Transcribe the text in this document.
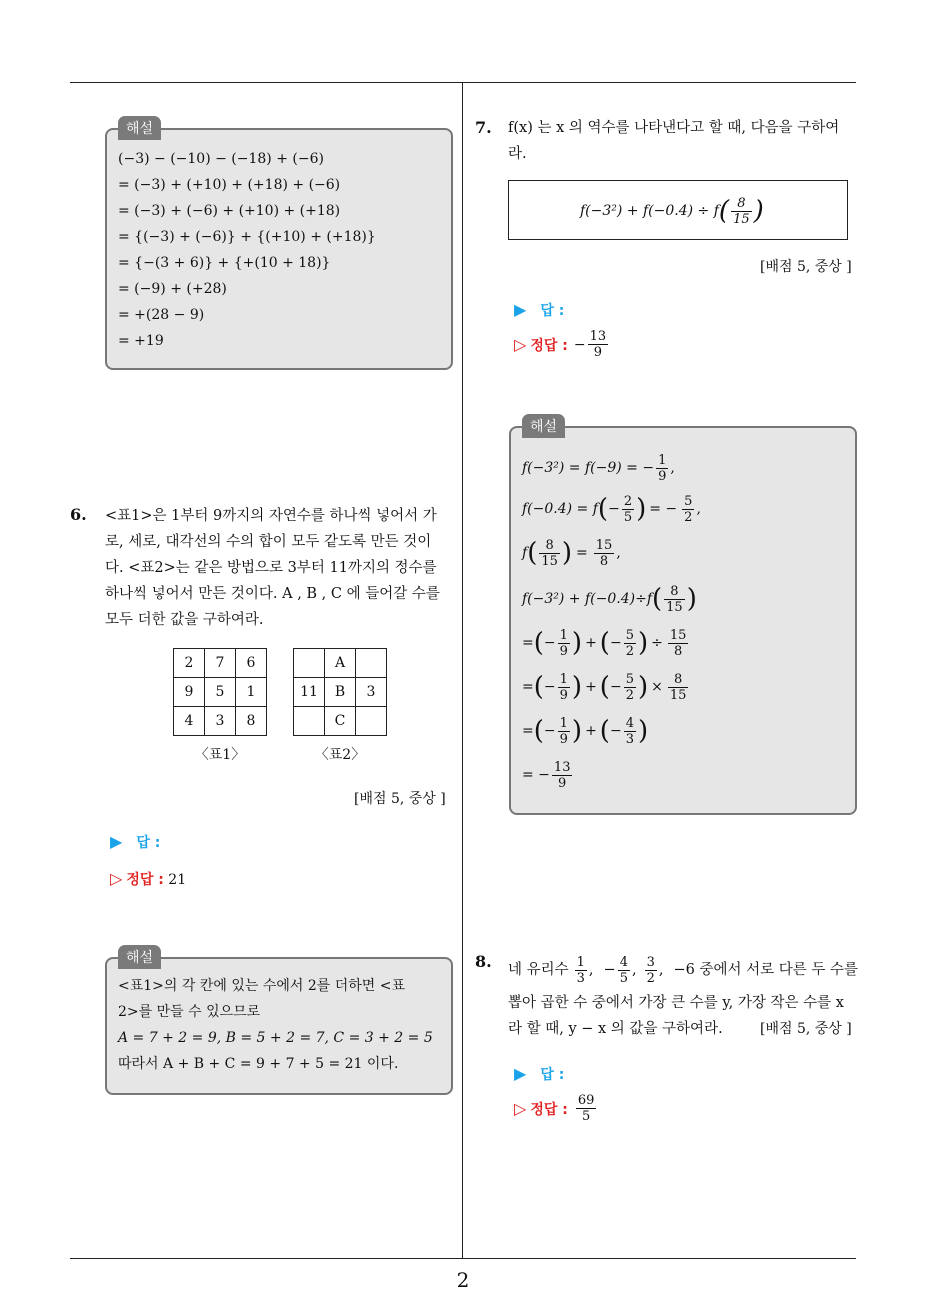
2
해설
(−3) − (−10) − (−18) + (−6)
= (−3) + (+10) + (+18) + (−6)
= (−3) + (−6) + (+10) + (+18)
= {(−3) + (−6)} + {(+10) + (+18)}
= {−(3 + 6)} + {+(10 + 18)}
= (−9) + (+28)
= +(28 − 9)
= +19
6. <표1>은 1부터 9까지의 자연수를 하나씩 넣어서 가
로, 세로, 대각선의 수의 합이 모두 같도록 만든 것이
다. <표2>는 같은 방법으로 3부터 11까지의 정수를
하나씩 넣어서 만든 것이다. A , B , C 에 들어갈 수를
모두 더한 값을 구하여라.
2	7	6
9	5	1
4	3	8
〈표1〉
	A	
11	B	3
	C	
〈표2〉
[배점 5, 중상 ]
▶ 답 :
▷ 정답 : 21
해설
<표1>의 각 칸에 있는 수에서 2를 더하면 <표
2>를 만들 수 있으므로
A = 7 + 2 = 9, B = 5 + 2 = 7, C = 3 + 2 = 5
따라서 A + B + C = 9 + 7 + 5 = 21 이다.
7. f(x) 는 x 의 역수를 나타낸다고 할 때, 다음을 구하여
라.
f(−3²) + f(−0.4) ÷ f ( $\frac{8}{15}$ )
[배점 5, 중상 ]
▶ 답 :
▷ 정답 : − $\frac{13}{9}$
해설
f(−3²) = f(−9) = − $\frac{1}{9}$ ,
f(−0.4) = f ( − $\frac{2}{5}$ ) = − $\frac{5}{2}$ ,
f ( $\frac{8}{15}$ ) = $\frac{15}{8}$ ,
f(−3²) + f(−0.4)÷f ( $\frac{8}{15}$ )
= ( − $\frac{1}{9}$ ) + ( − $\frac{5}{2}$ ) ÷ $\frac{15}{8}$
= ( − $\frac{1}{9}$ ) + ( − $\frac{5}{2}$ ) × $\frac{8}{15}$
= ( − $\frac{1}{9}$ ) + ( − $\frac{4}{3}$ )
= − $\frac{13}{9}$
8. 네 유리수 $\frac{1}{3}$ , − $\frac{4}{5}$ , $\frac{3}{2}$ , −6 중에서 서로 다른 두 수를
뽑아 곱한 수 중에서 가장 큰 수를 y, 가장 작은 수를 x
라 할 때, y − x 의 값을 구하여라.	[배점 5, 중상 ]
▶ 답 :
▷ 정답 : $\frac{69}{5}$
